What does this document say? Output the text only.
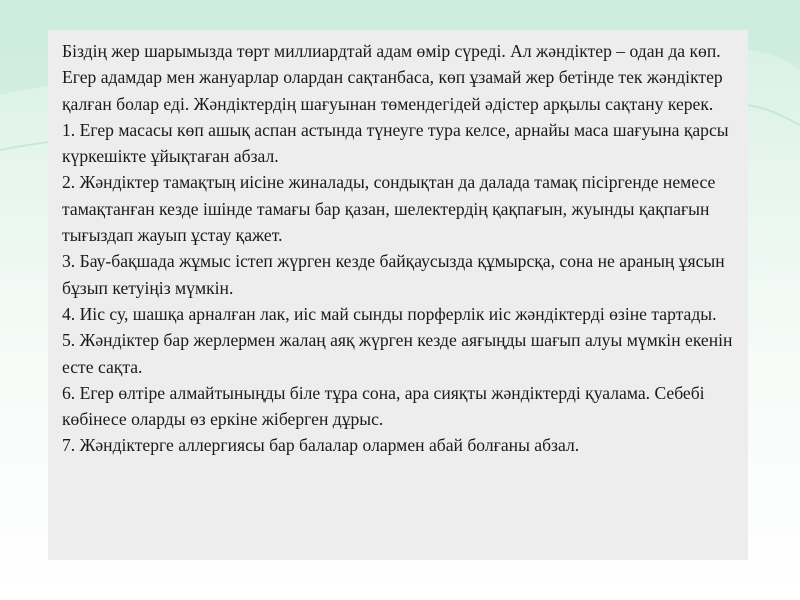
Біздің жер шарымызда төрт миллиардтай адам өмір сүреді. Ал жәндіктер – одан да көп. Егер адамдар мен жануарлар олардан сақтанбаса, көп ұзамай жер бетінде тек жәндіктер қалған болар еді. Жәндіктердің шағуынан төмендегідей әдістер арқылы сақтану керек.

1. Егер масасы көп ашық аспан астында түнеуге тура келсе, арнайы маса шағуына қарсы күркешікте ұйықтаған абзал.

2. Жәндіктер тамақтың иісіне жиналады, сондықтан да далада тамақ пісіргенде немесе тамақтанған кезде ішінде тамағы бар қазан, шелектердің қақпағын, жуынды қақпағын тығыздап жауып ұстау қажет.

3. Бау-бақшада жұмыс істеп жүрген кезде байқаусызда құмырсқа, сона не араның ұясын бұзып кетуіңіз мүмкін.

4. Иіс су, шашқа арналған лак, иіс май сынды порферлік иіс жәндіктерді өзіне тартады.

5. Жәндіктер бар жерлермен жалаң аяқ жүрген кезде аяғыңды шағып алуы мүмкін екенін есте сақта.

6. Егер өлтіре алмайтыныңды біле тұра сона, ара сияқты жәндіктерді қуалама. Себебі көбінесе оларды өз еркіне жіберген дұрыс.

7. Жәндіктерге аллергиясы бар балалар олармен абай болғаны абзал.
